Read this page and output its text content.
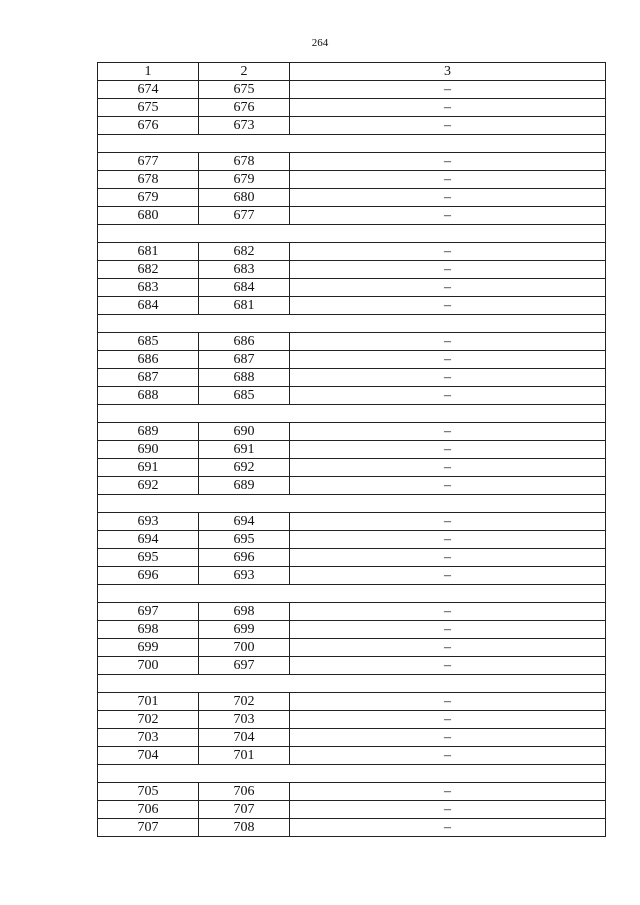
264
1	2	3
674	675	–
675	676	–
676	673	–
677	678	–
678	679	–
679	680	–
680	677	–
681	682	–
682	683	–
683	684	–
684	681	–
685	686	–
686	687	–
687	688	–
688	685	–
689	690	–
690	691	–
691	692	–
692	689	–
693	694	–
694	695	–
695	696	–
696	693	–
697	698	–
698	699	–
699	700	–
700	697	–
701	702	–
702	703	–
703	704	–
704	701	–
705	706	–
706	707	–
707	708	–
